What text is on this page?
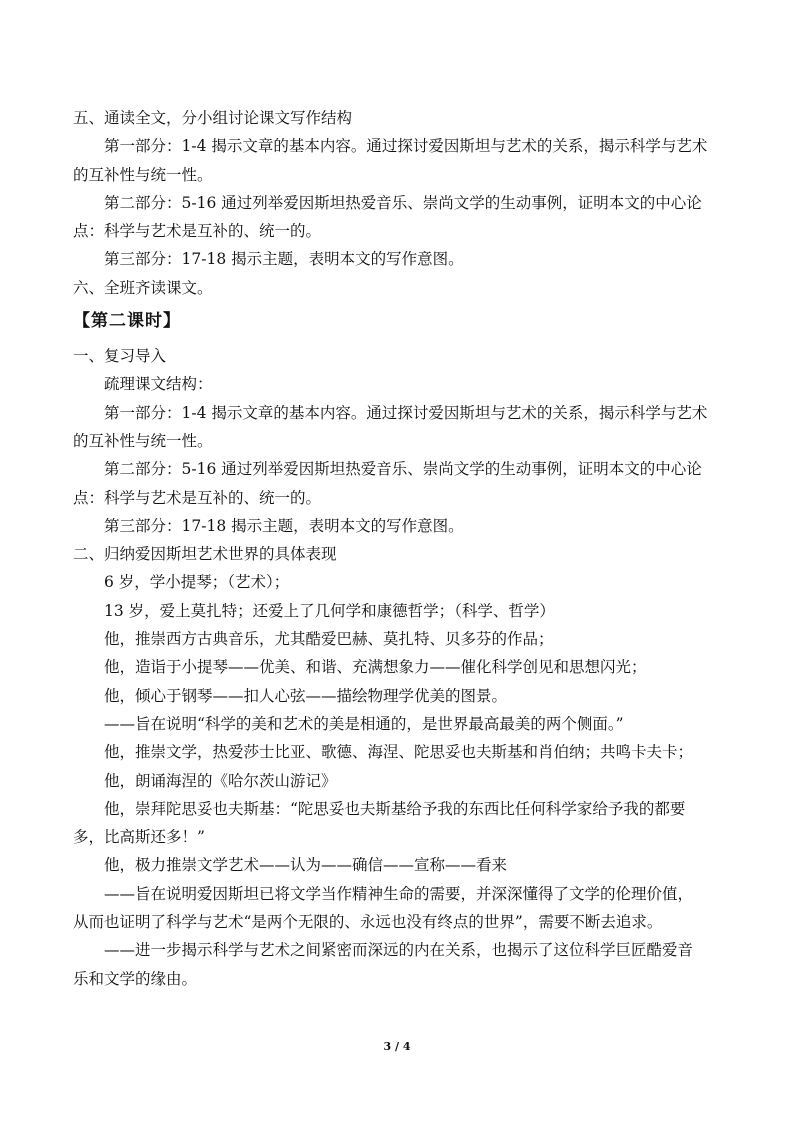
五、通读全文，分小组讨论课文写作结构
第一部分：1-4 揭示文章的基本内容。通过探讨爱因斯坦与艺术的关系，揭示科学与艺术
的互补性与统一性。
第二部分：5-16 通过列举爱因斯坦热爱音乐、崇尚文学的生动事例，证明本文的中心论
点：科学与艺术是互补的、统一的。
第三部分：17-18 揭示主题，表明本文的写作意图。
六、全班齐读课文。
【第二课时】
一、复习导入
疏理课文结构：
第一部分：1-4 揭示文章的基本内容。通过探讨爱因斯坦与艺术的关系，揭示科学与艺术
的互补性与统一性。
第二部分：5-16 通过列举爱因斯坦热爱音乐、崇尚文学的生动事例，证明本文的中心论
点：科学与艺术是互补的、统一的。
第三部分：17-18 揭示主题，表明本文的写作意图。
二、归纳爱因斯坦艺术世界的具体表现
6 岁，学小提琴；（艺术）；
13 岁，爱上莫扎特；还爱上了几何学和康德哲学；（科学、哲学）
他，推崇西方古典音乐，尤其酷爱巴赫、莫扎特、贝多芬的作品；
他，造诣于小提琴——优美、和谐、充满想象力——催化科学创见和思想闪光；
他，倾心于钢琴——扣人心弦——描绘物理学优美的图景。
——旨在说明“科学的美和艺术的美是相通的，是世界最高最美的两个侧面。”
他，推崇文学，热爱莎士比亚、歌德、海涅、陀思妥也夫斯基和肖伯纳；共鸣卡夫卡；
他，朗诵海涅的《哈尔茨山游记》
他，崇拜陀思妥也夫斯基：“陀思妥也夫斯基给予我的东西比任何科学家给予我的都要
多，比高斯还多！”
他，极力推崇文学艺术——认为——确信——宣称——看来
——旨在说明爱因斯坦已将文学当作精神生命的需要，并深深懂得了文学的伦理价值，
从而也证明了科学与艺术“是两个无限的、永远也没有终点的世界”，需要不断去追求。
——进一步揭示科学与艺术之间紧密而深远的内在关系，也揭示了这位科学巨匠酷爱音
乐和文学的缘由。
3 / 4
